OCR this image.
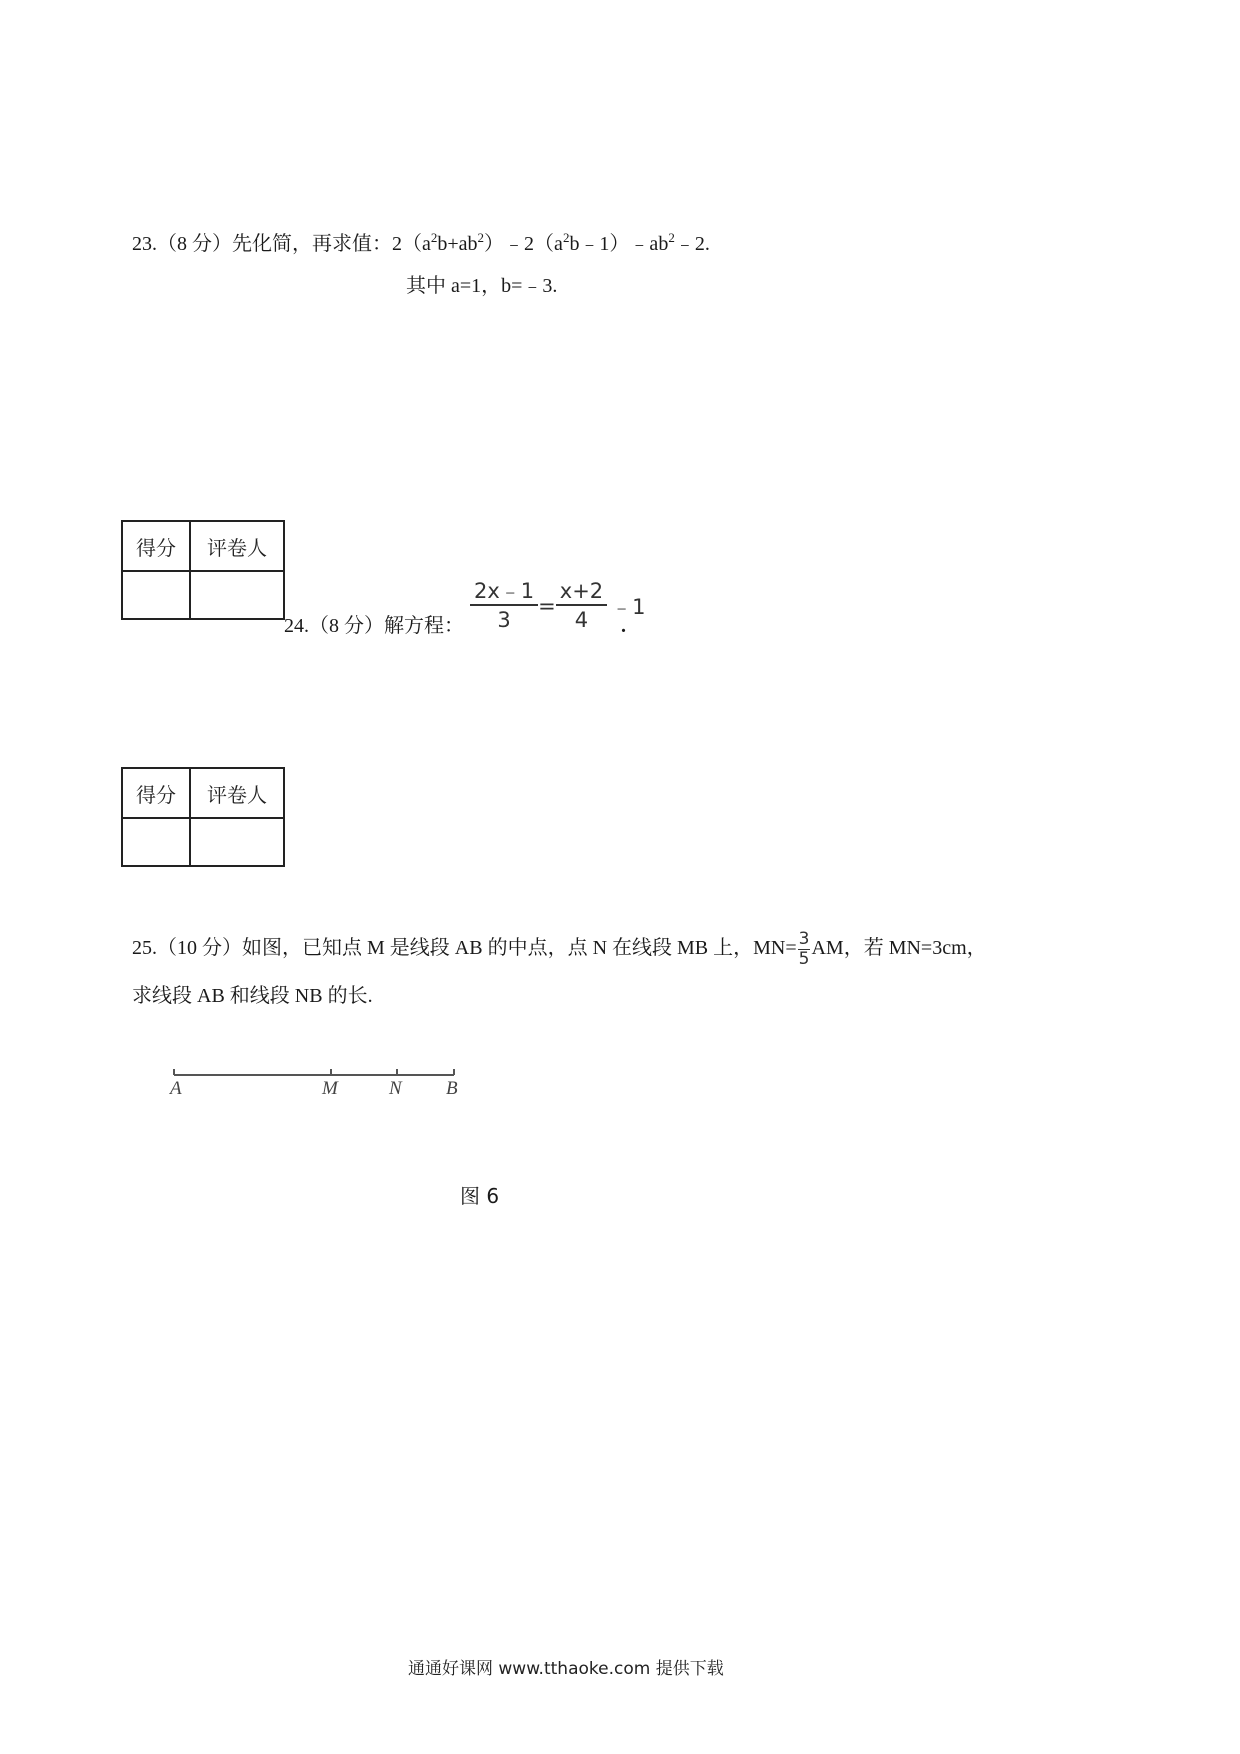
23.（8 分）先化简，再求值：$2(a^2b+ab^2)﹣2(a^2b﹣1)﹣ab^2﹣2$.
其中 a=1，b=﹣3.
得分	评卷人

24.（8 分）解方程： $\frac{2x﹣1}{3} = \frac{x+2}{4}$ ﹣1
.
得分	评卷人

25.（10 分）如图，已知点 M 是线段 AB 的中点，点 N 在线段 MB 上，$MN= \frac{3}{5}$ AM，若 MN=3cm，
求线段 AB 和线段 NB 的长.
A	M	N B
图 6
通通好课网 www.tthaoke.com 提供下载
